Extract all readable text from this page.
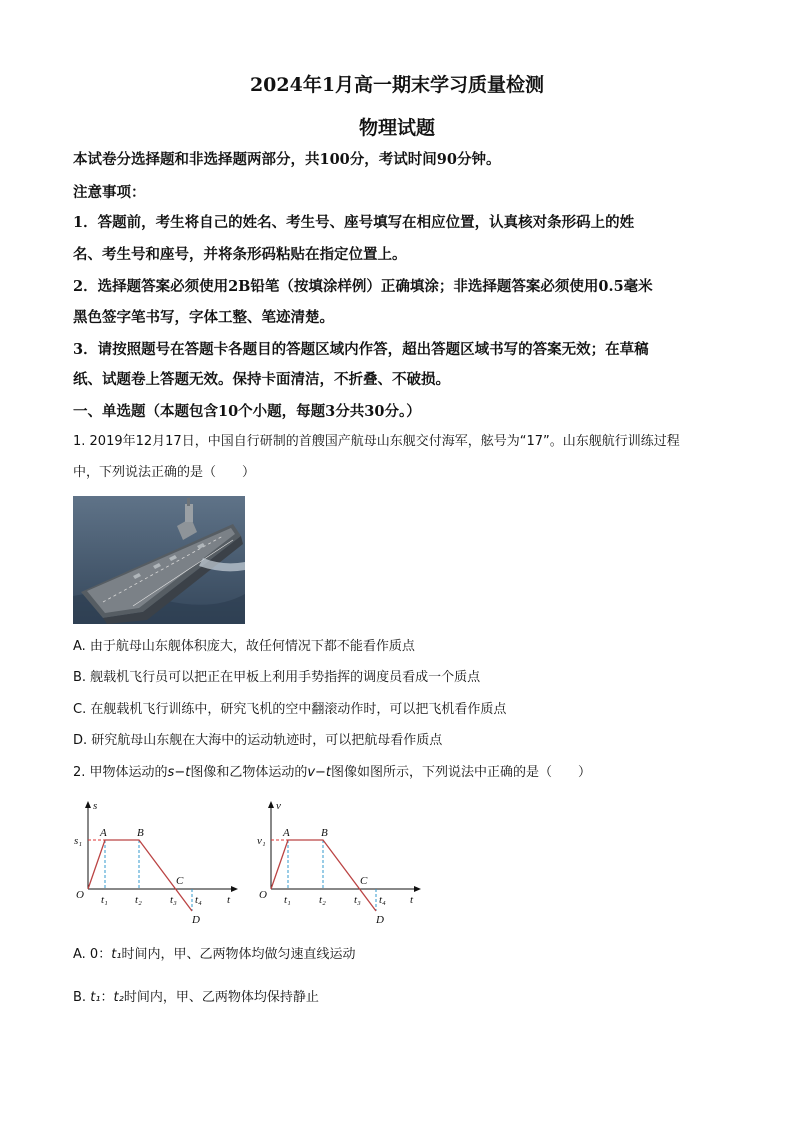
2024年1月高一期末学习质量检测
物理试题
本试卷分选择题和非选择题两部分，共100分，考试时间90分钟。
注意事项：
1．答题前，考生将自己的姓名、考生号、座号填写在相应位置，认真核对条形码上的姓
名、考生号和座号，并将条形码粘贴在指定位置上。
2．选择题答案必须使用2B铅笔（按填涂样例）正确填涂；非选择题答案必须使用0.5毫米
黑色签字笔书写，字体工整、笔迹清楚。
3．请按照题号在答题卡各题目的答题区域内作答，超出答题区域书写的答案无效；在草稿
纸、试题卷上答题无效。保持卡面清洁，不折叠、不破损。
一、单选题（本题包含10个小题，每题3分共30分。）
1. 2019年12月17日，中国自行研制的首艘国产航母山东舰交付海军，舷号为“17”。山东舰航行训练过程
中，下列说法正确的是（　　）
A. 由于航母山东舰体积庞大，故任何情况下都不能看作质点
B. 舰载机飞行员可以把正在甲板上利用手势指挥的调度员看成一个质点
C. 在舰载机飞行训练中，研究飞机的空中翻滚动作时，可以把飞机看作质点
D. 研究航母山东舰在大海中的运动轨迹时，可以把航母看作质点
2. 甲物体运动的s−t图像和乙物体运动的v−t图像如图所示，下列说法中正确的是（　　）
s
s₁
O	t
A	B
C
D
t₁ t₂	t₃ t₄
v
v₁
O	t
A	B
C
D
t₁	t₂	t₃ t₄
A. 0：t₁时间内，甲、乙两物体均做匀速直线运动
B. t₁：t₂时间内，甲、乙两物体均保持静止
